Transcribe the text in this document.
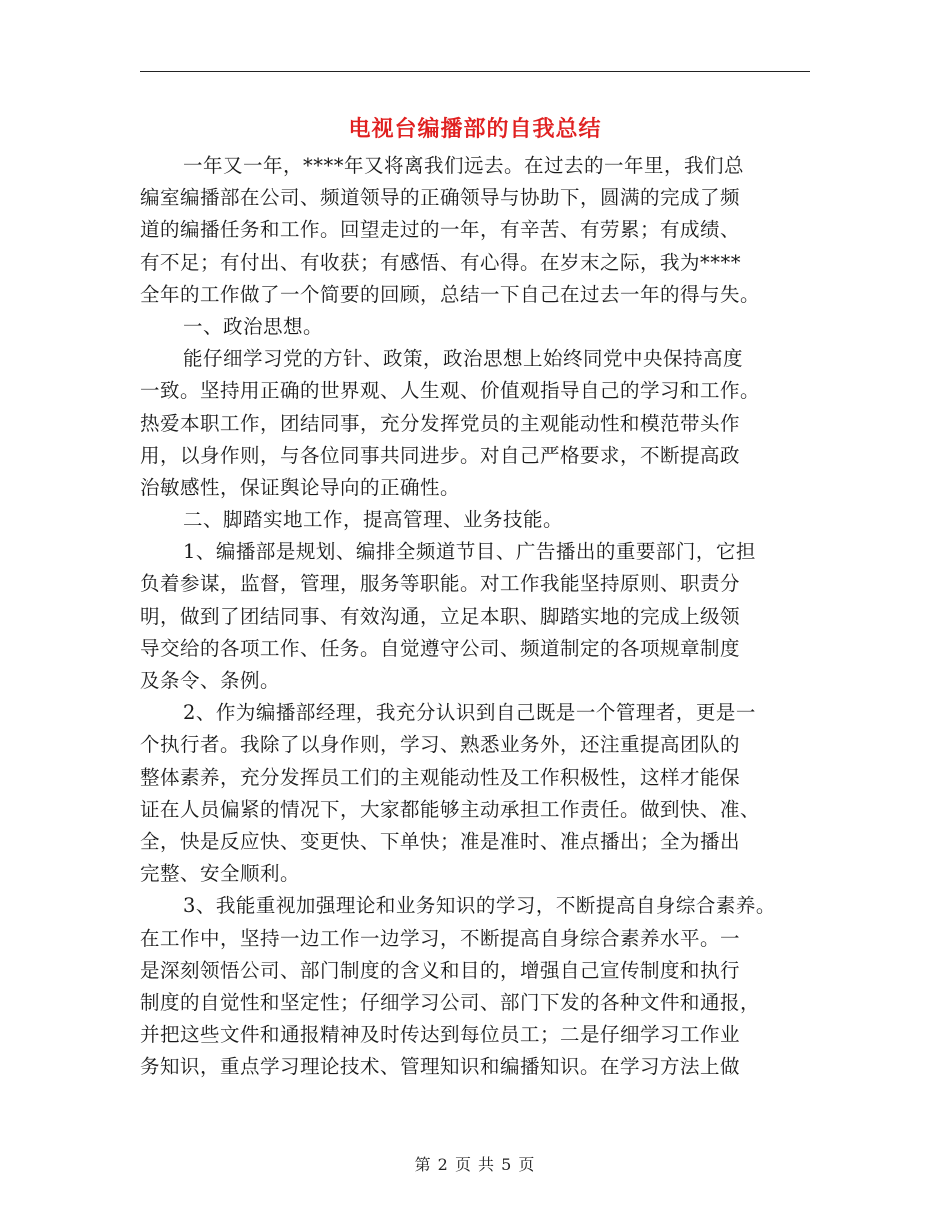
电视台编播部的自我总结
一年又一年，****年又将离我们远去。在过去的一年里，我们总
编室编播部在公司、频道领导的正确领导与协助下，圆满的完成了频
道的编播任务和工作。回望走过的一年，有辛苦、有劳累；有成绩、
有不足；有付出、有收获；有感悟、有心得。在岁末之际，我为****
全年的工作做了一个简要的回顾，总结一下自己在过去一年的得与失。
一、政治思想。
能仔细学习党的方针、政策，政治思想上始终同党中央保持高度
一致。坚持用正确的世界观、人生观、价值观指导自己的学习和工作。
热爱本职工作，团结同事，充分发挥党员的主观能动性和模范带头作
用，以身作则，与各位同事共同进步。对自己严格要求，不断提高政
治敏感性，保证舆论导向的正确性。
二、脚踏实地工作，提高管理、业务技能。
1、编播部是规划、编排全频道节目、广告播出的重要部门，它担
负着参谋，监督，管理，服务等职能。对工作我能坚持原则、职责分
明，做到了团结同事、有效沟通，立足本职、脚踏实地的完成上级领
导交给的各项工作、任务。自觉遵守公司、频道制定的各项规章制度
及条令、条例。
2、作为编播部经理，我充分认识到自己既是一个管理者，更是一
个执行者。我除了以身作则，学习、熟悉业务外，还注重提高团队的
整体素养，充分发挥员工们的主观能动性及工作积极性，这样才能保
证在人员偏紧的情况下，大家都能够主动承担工作责任。做到快、准、
全，快是反应快、变更快、下单快；准是准时、准点播出；全为播出
完整、安全顺利。
3、我能重视加强理论和业务知识的学习，不断提高自身综合素养。
在工作中，坚持一边工作一边学习，不断提高自身综合素养水平。一
是深刻领悟公司、部门制度的含义和目的，增强自己宣传制度和执行
制度的自觉性和坚定性；仔细学习公司、部门下发的各种文件和通报，
并把这些文件和通报精神及时传达到每位员工；二是仔细学习工作业
务知识，重点学习理论技术、管理知识和编播知识。在学习方法上做
第 2 页 共 5 页
